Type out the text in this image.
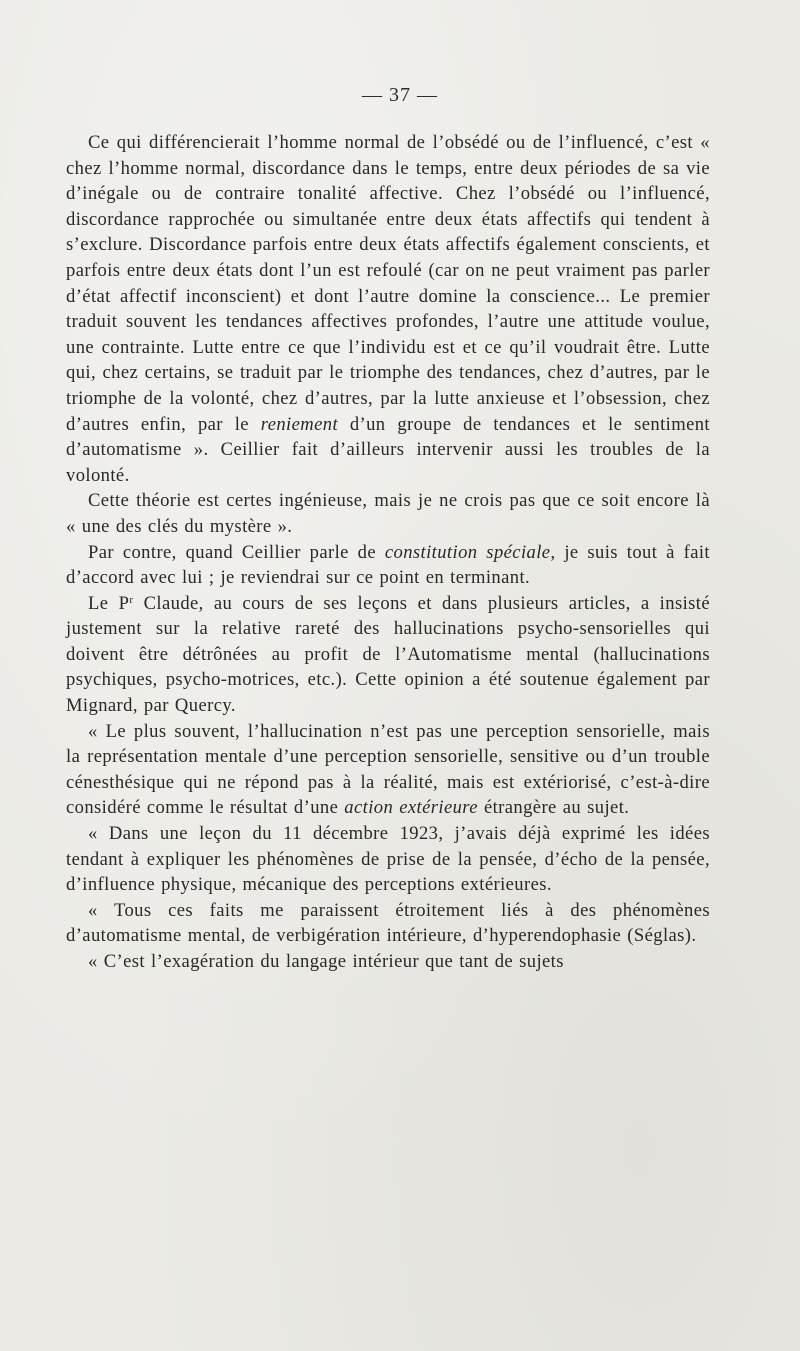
— 37 —

Ce qui différencierait l’homme normal de l’obsédé ou de l’influencé, c’est « chez l’homme normal, discordance dans le temps, entre deux périodes de sa vie d’inégale ou de contraire tonalité affective. Chez l’obsédé ou l’influencé, discordance rapprochée ou simultanée entre deux états affectifs qui tendent à s’exclure. Discordance parfois entre deux états affectifs également conscients, et parfois entre deux états dont l’un est refoulé (car on ne peut vraiment pas parler d’état affectif inconscient) et dont l’autre domine la conscience... Le premier traduit souvent les tendances affectives profondes, l’autre une attitude voulue, une contrainte. Lutte entre ce que l’individu est et ce qu’il voudrait être. Lutte qui, chez certains, se traduit par le triomphe des tendances, chez d’autres, par le triomphe de la volonté, chez d’autres, par la lutte anxieuse et l’obsession, chez d’autres enfin, par le reniement d’un groupe de tendances et le sentiment d’automatisme ». Ceillier fait d’ailleurs intervenir aussi les troubles de la volonté.

Cette théorie est certes ingénieuse, mais je ne crois pas que ce soit encore là « une des clés du mystère ».

Par contre, quand Ceillier parle de constitution spéciale, je suis tout à fait d’accord avec lui ; je reviendrai sur ce point en terminant.

Le $P^r$ Claude, au cours de ses leçons et dans plusieurs articles, a insisté justement sur la relative rareté des hallucinations psycho-sensorielles qui doivent être détrônées au profit de l’Automatisme mental (hallucinations psychiques, psycho-motrices, etc.). Cette opinion a été soutenue également par Mignard, par Quercy.

« Le plus souvent, l’hallucination n’est pas une perception sensorielle, mais la représentation mentale d’une perception sensorielle, sensitive ou d’un trouble cénesthésique qui ne répond pas à la réalité, mais est extériorisé, c’est-à-dire considéré comme le résultat d’une action extérieure étrangère au sujet.

« Dans une leçon du 11 décembre 1923, j’avais déjà exprimé les idées tendant à expliquer les phénomènes de prise de la pensée, d’écho de la pensée, d’influence physique, mécanique des perceptions extérieures.

« Tous ces faits me paraissent étroitement liés à des phénomènes d’automatisme mental, de verbigération intérieure, d’hyperendophasie (Séglas).

« C’est l’exagération du langage intérieur que tant de sujets
